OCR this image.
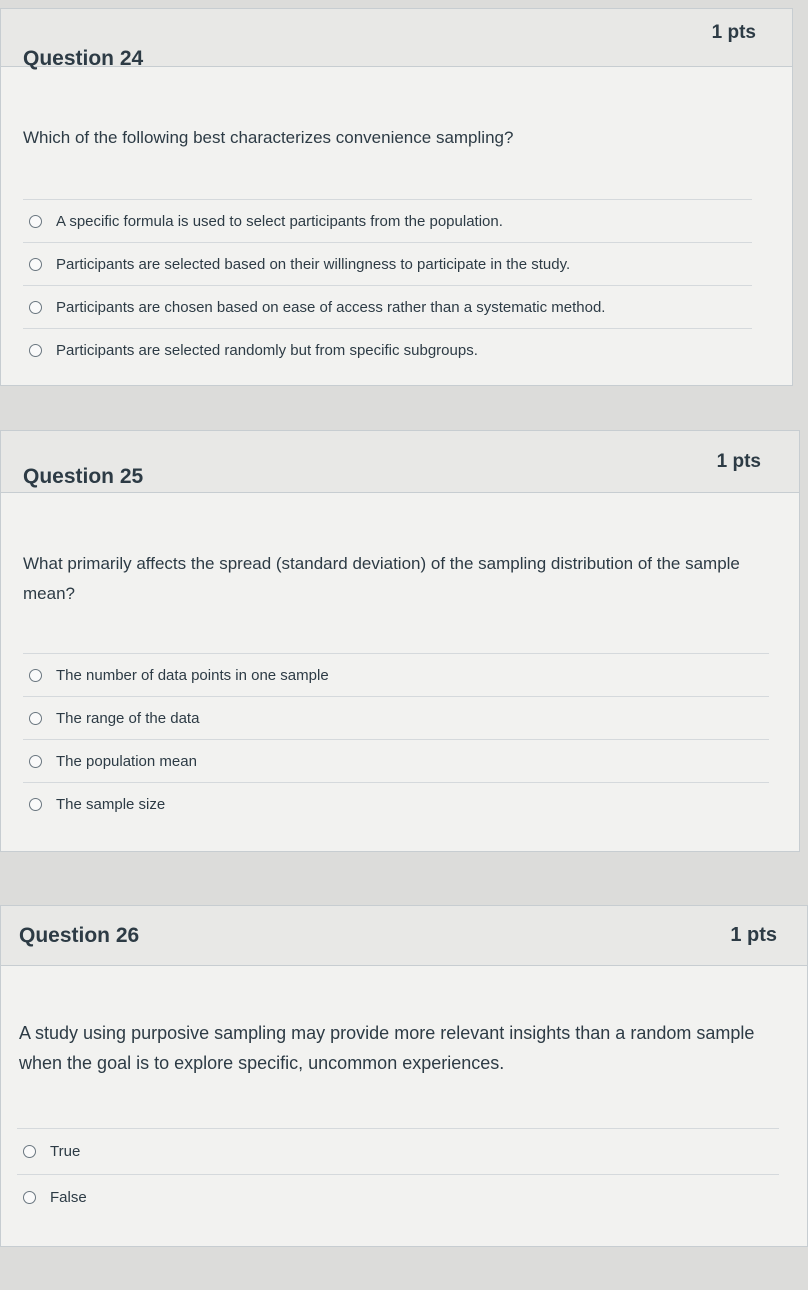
Question 24
1 pts
Which of the following best characterizes convenience sampling?
A specific formula is used to select participants from the population.
Participants are selected based on their willingness to participate in the study.
Participants are chosen based on ease of access rather than a systematic method.
Participants are selected randomly but from specific subgroups.
Question 25
1 pts
What primarily affects the spread (standard deviation) of the sampling distribution of the sample mean?
The number of data points in one sample
The range of the data
The population mean
The sample size
Question 26	1 pts
A study using purposive sampling may provide more relevant insights than a random sample when the goal is to explore specific, uncommon experiences.
True
False
